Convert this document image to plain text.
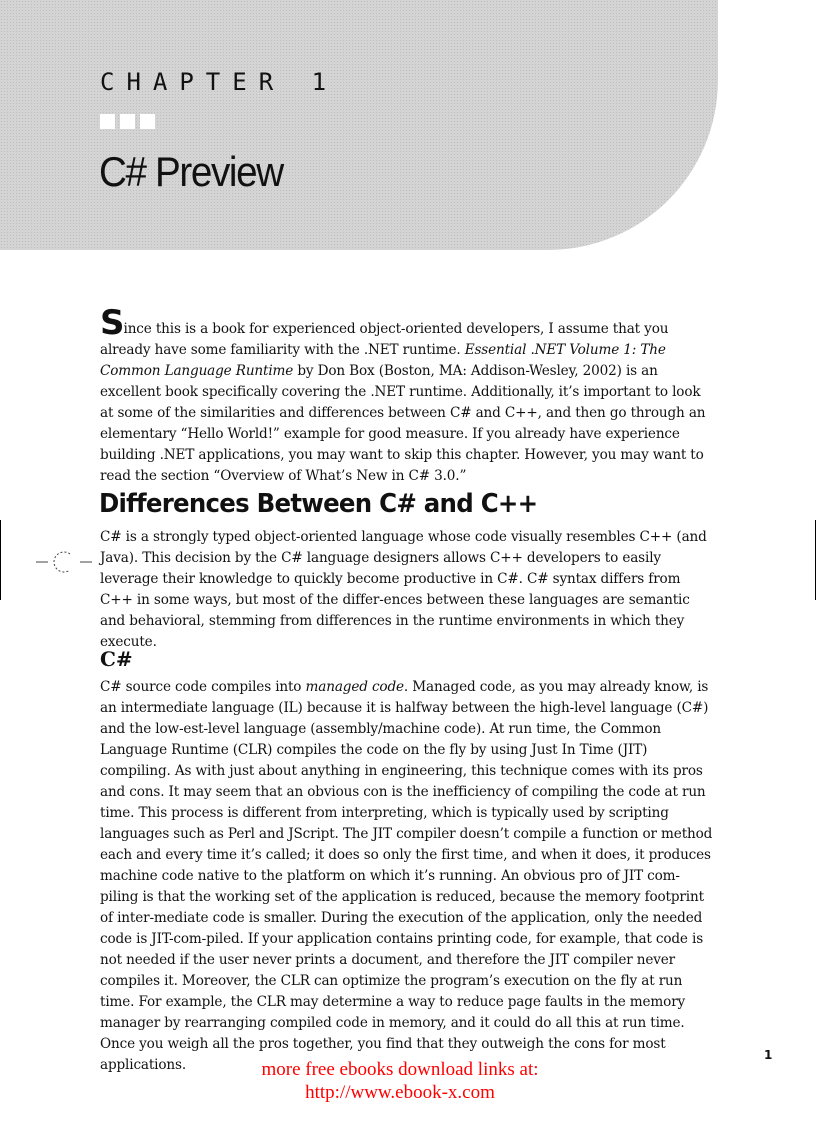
CHAPTER 1
C# Preview

Since this is a book for experienced object-oriented developers, I assume that you already have some familiarity with the .NET runtime. Essential .NET Volume 1: The Common Language Runtime by Don Box (Boston, MA: Addison-Wesley, 2002) is an excellent book specifically covering the .NET runtime. Additionally, it’s important to look at some of the similarities and differences between C# and C++, and then go through an elementary “Hello World!” example for good measure. If you already have experience building .NET applications, you may want to skip this chapter. However, you may want to read the section “Overview of What’s New in C# 3.0.”

Differences Between C# and C++

C# is a strongly typed object-oriented language whose code visually resembles C++ (and Java). This decision by the C# language designers allows C++ developers to easily leverage their knowledge to quickly become productive in C#. C# syntax differs from C++ in some ways, but most of the differ-ences between these languages are semantic and behavioral, stemming from differences in the runtime environments in which they execute.

C#

C# source code compiles into managed code. Managed code, as you may already know, is an intermediate language (IL) because it is halfway between the high-level language (C#) and the low-est-level language (assembly/machine code). At run time, the Common Language Runtime (CLR) compiles the code on the fly by using Just In Time (JIT) compiling. As with just about anything in engineering, this technique comes with its pros and cons. It may seem that an obvious con is the inefficiency of compiling the code at run time. This process is different from interpreting, which is typically used by scripting languages such as Perl and JScript. The JIT compiler doesn’t compile a function or method each and every time it’s called; it does so only the first time, and when it does, it produces machine code native to the platform on which it’s running. An obvious pro of JIT com-piling is that the working set of the application is reduced, because the memory footprint of inter-mediate code is smaller. During the execution of the application, only the needed code is JIT-com-piled. If your application contains printing code, for example, that code is not needed if the user never prints a document, and therefore the JIT compiler never compiles it. Moreover, the CLR can optimize the program’s execution on the fly at run time. For example, the CLR may determine a way to reduce page faults in the memory manager by rearranging compiled code in memory, and it could do all this at run time. Once you weigh all the pros together, you find that they outweigh the cons for most applications.

1
more free ebooks download links at:
http://www.ebook-x.com
